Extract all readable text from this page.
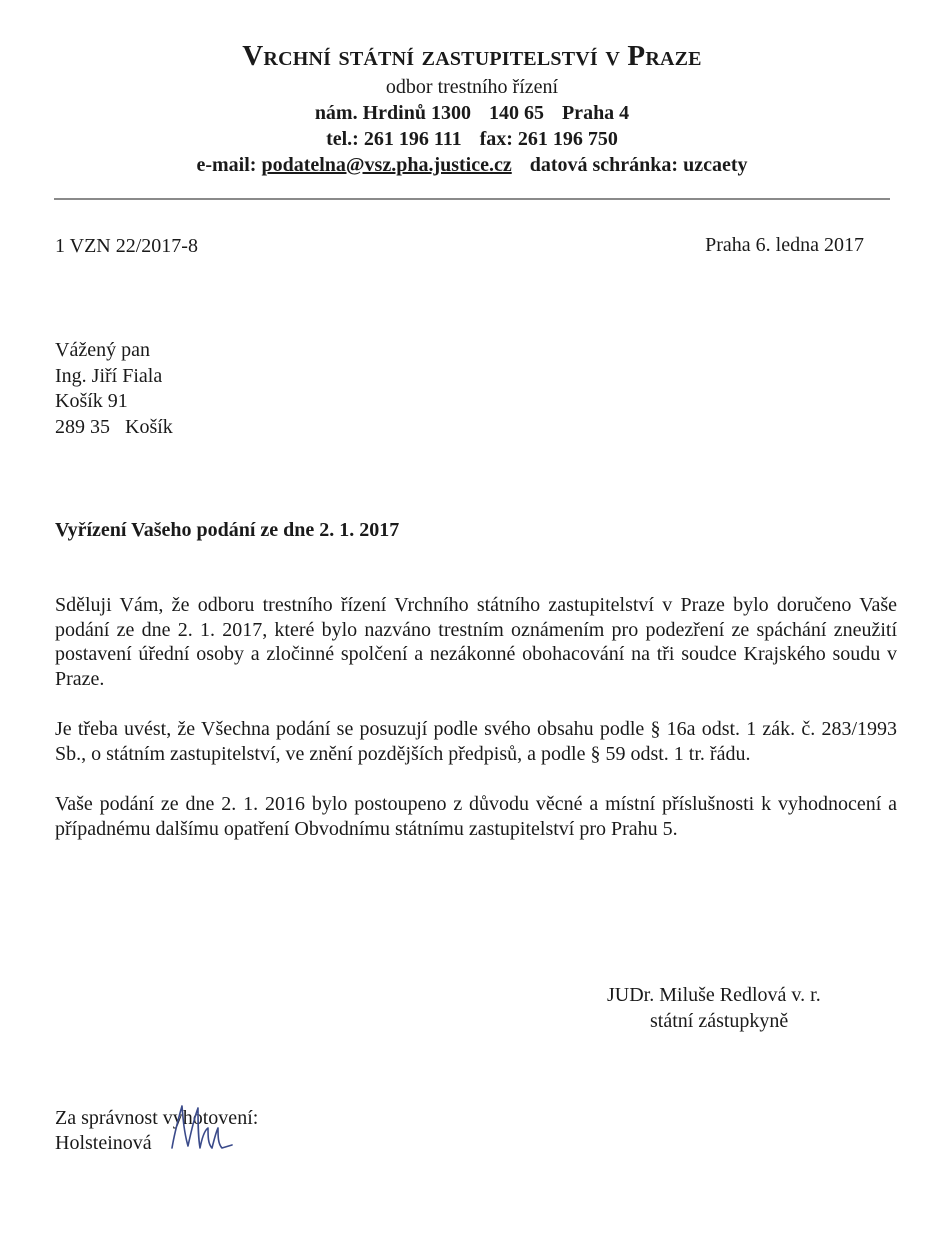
Vrchní státní zastupitelství v Praze
odbor trestního řízení
nám. Hrdinů 1300 140 65 Praha 4
tel.: 261 196 111 fax: 261 196 750
e-mail: podatelna@vsz.pha.justice.cz datová schránka: uzcaety
1 VZN 22/2017-8	Praha 6. ledna 2017
Vážený pan
Ing. Jiří Fiala
Košík 91
289 35 Košík
Vyřízení Vašeho podání ze dne 2. 1. 2017

Sděluji Vám, že odboru trestního řízení Vrchního státního zastupitelství v Praze bylo doručeno Vaše podání ze dne 2. 1. 2017, které bylo nazváno trestním oznámením pro podezření ze spáchání zneužití postavení úřední osoby a zločinné spolčení a nezákonné obohacování na tři soudce Krajského soudu v Praze.

Je třeba uvést, že Všechna podání se posuzují podle svého obsahu podle § 16a odst. 1 zák. č. 283/1993 Sb., o státním zastupitelství, ve znění pozdějších předpisů, a podle § 59 odst. 1 tr. řádu.

Vaše podání ze dne 2. 1. 2016 bylo postoupeno z důvodu věcné a místní příslušnosti k vyhodnocení a případnému dalšímu opatření Obvodnímu státnímu zastupitelství pro Prahu 5.

JUDr. Miluše Redlová v. r.
státní zástupkyně
Za správnost vyhotovení:
Holsteinová
